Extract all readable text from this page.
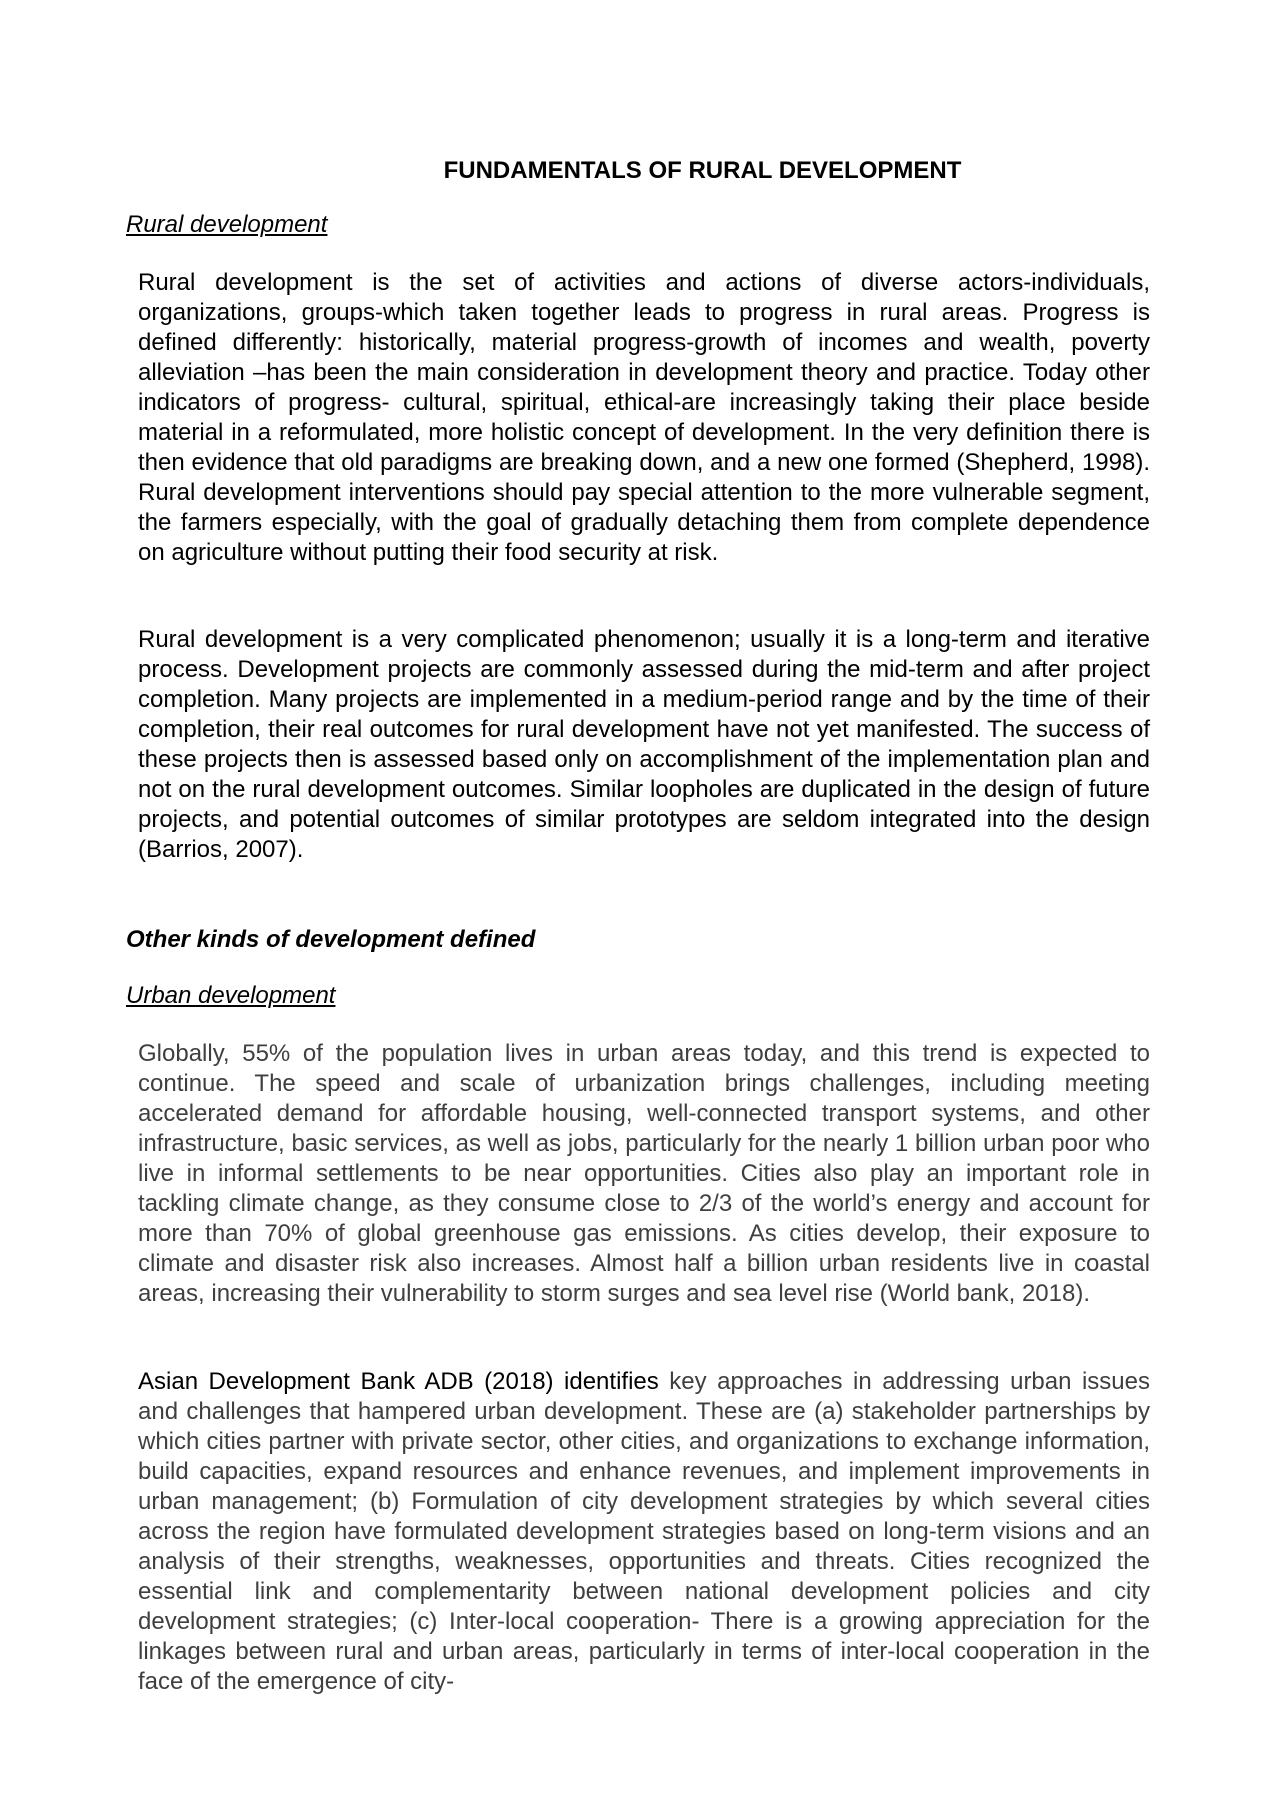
FUNDAMENTALS OF RURAL DEVELOPMENT

Rural development

Rural development is the set of activities and actions of diverse actors-individuals, organizations, groups-which taken together leads to progress in rural areas. Progress is defined differently: historically, material progress-growth of incomes and wealth, poverty alleviation –has been the main consideration in development theory and practice. Today other indicators of progress- cultural, spiritual, ethical-are increasingly taking their place beside material in a reformulated, more holistic concept of development. In the very definition there is then evidence that old paradigms are breaking down, and a new one formed (Shepherd, 1998). Rural development interventions should pay special attention to the more vulnerable segment, the farmers especially, with the goal of gradually detaching them from complete dependence on agriculture without putting their food security at risk.

Rural development is a very complicated phenomenon; usually it is a long-term and iterative process. Development projects are commonly assessed during the mid-term and after project completion. Many projects are implemented in a medium-period range and by the time of their completion, their real outcomes for rural development have not yet manifested. The success of these projects then is assessed based only on accomplishment of the implementation plan and not on the rural development outcomes. Similar loopholes are duplicated in the design of future projects, and potential outcomes of similar prototypes are seldom integrated into the design (Barrios, 2007).

Other kinds of development defined

Urban development

Globally, 55% of the population lives in urban areas today, and this trend is expected to continue. The speed and scale of urbanization brings challenges, including meeting accelerated demand for affordable housing, well-connected transport systems, and other infrastructure, basic services, as well as jobs, particularly for the nearly 1 billion urban poor who live in informal settlements to be near opportunities. Cities also play an important role in tackling climate change, as they consume close to 2/3 of the world’s energy and account for more than 70% of global greenhouse gas emissions. As cities develop, their exposure to climate and disaster risk also increases. Almost half a billion urban residents live in coastal areas, increasing their vulnerability to storm surges and sea level rise (World bank, 2018).

Asian Development Bank ADB (2018) identifies key approaches in addressing urban issues and challenges that hampered urban development. These are (a) stakeholder partnerships by which cities partner with private sector, other cities, and organizations to exchange information, build capacities, expand resources and enhance revenues, and implement improvements in urban management; (b) Formulation of city development strategies by which several cities across the region have formulated development strategies based on long-term visions and an analysis of their strengths, weaknesses, opportunities and threats. Cities recognized the essential link and complementarity between national development policies and city development strategies; (c) Inter-local cooperation- There is a growing appreciation for the linkages between rural and urban areas, particularly in terms of inter-local cooperation in the face of the emergence of city-
